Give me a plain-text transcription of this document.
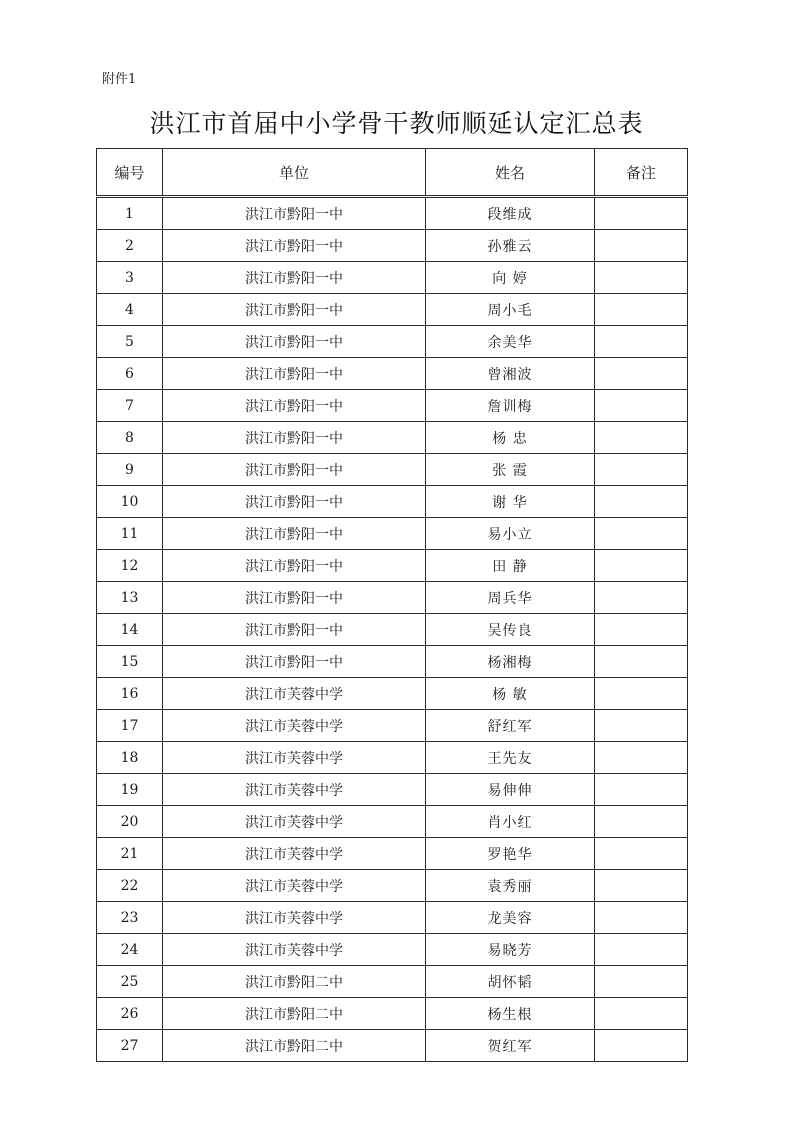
附件1
洪江市首届中小学骨干教师顺延认定汇总表
编号	单位	姓名	备注
1	洪江市黔阳一中	段维成	
2	洪江市黔阳一中	孙雅云	
3	洪江市黔阳一中	向 婷	
4	洪江市黔阳一中	周小毛	
5	洪江市黔阳一中	余美华	
6	洪江市黔阳一中	曾湘波	
7	洪江市黔阳一中	詹训梅	
8	洪江市黔阳一中	杨 忠	
9	洪江市黔阳一中	张 霞	
10	洪江市黔阳一中	谢 华	
11	洪江市黔阳一中	易小立	
12	洪江市黔阳一中	田 静	
13	洪江市黔阳一中	周兵华	
14	洪江市黔阳一中	吴传良	
15	洪江市黔阳一中	杨湘梅	
16	洪江市芙蓉中学	杨 敏	
17	洪江市芙蓉中学	舒红军	
18	洪江市芙蓉中学	王先友	
19	洪江市芙蓉中学	易伸伸	
20	洪江市芙蓉中学	肖小红	
21	洪江市芙蓉中学	罗艳华	
22	洪江市芙蓉中学	袁秀丽	
23	洪江市芙蓉中学	龙美容	
24	洪江市芙蓉中学	易晓芳	
25	洪江市黔阳二中	胡怀韬	
26	洪江市黔阳二中	杨生根	
27	洪江市黔阳二中	贺红军	
